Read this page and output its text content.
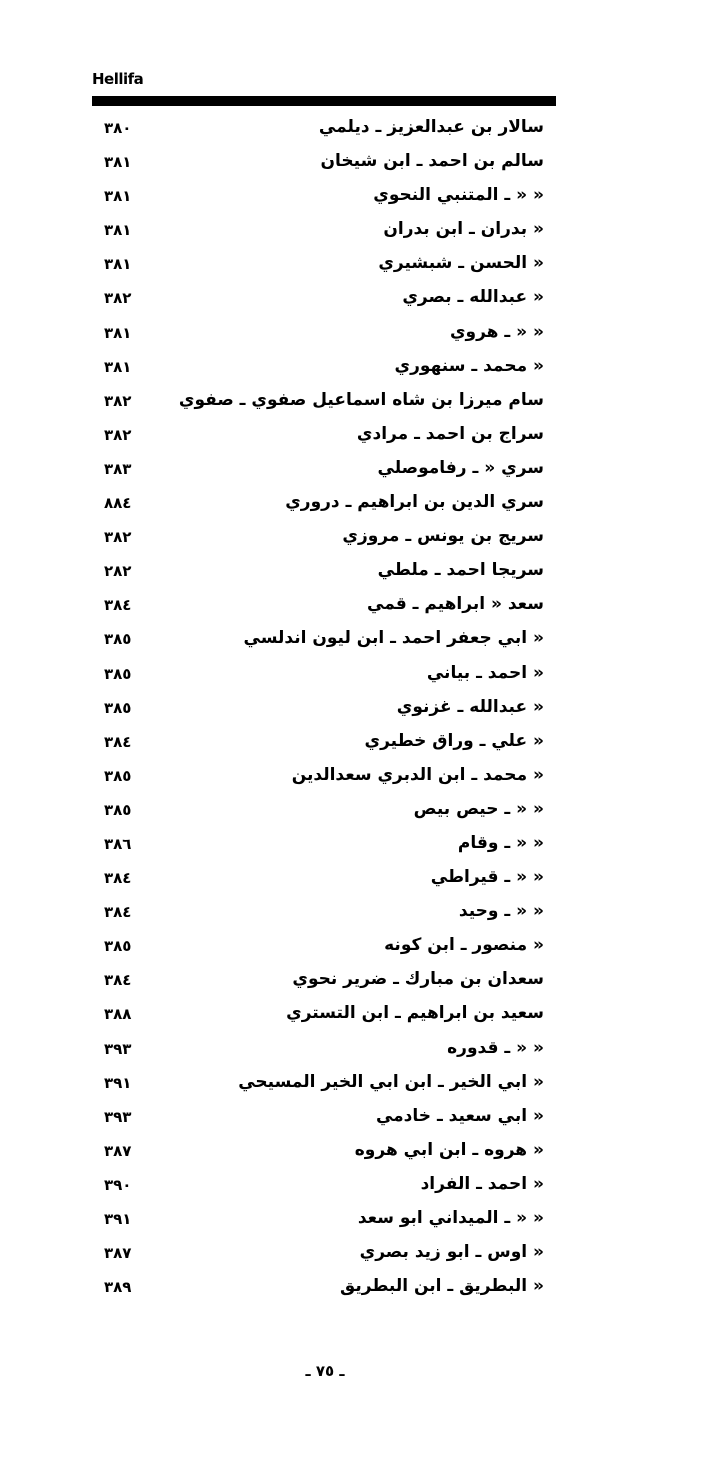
Hellifa
سالار بن عبدالعزيز ـ ديلمي
٣٨٠
سالم بن احمد ـ ابن شيخان
٣٨١
« « ـ المتنبي النحوي
٣٨١
« بدران ـ ابن بدران
٣٨١
« الحسن ـ شبشيري
٣٨١
« عبدالله ـ بصري
٣٨٢
« « ـ هروي
٣٨١
« محمد ـ سنهوري
٣٨١
سام ميرزا بن شاه اسماعيل صفوي ـ صفوي
٣٨٢
سراج بن احمد ـ مرادي
٣٨٢
سري « ـ رفاموصلي
٣٨٣
سري الدين بن ابراهيم ـ دروري
٨٨٤
سريج بن يونس ـ مروزي
٣٨٢
سريجا احمد ـ ملطي
٢٨٢
سعد « ابراهيم ـ قمي
٣٨٤
« ابي جعفر احمد ـ ابن ليون اندلسي
٣٨٥
« احمد ـ بياني
٣٨٥
« عبدالله ـ غزنوي
٣٨٥
« علي ـ وراق خطيري
٣٨٤
« محمد ـ ابن الدبري سعدالدين
٣٨٥
« « ـ حيص بيص
٣٨٥
« « ـ وقام
٣٨٦
« « ـ قيراطي
٣٨٤
« « ـ وحيد
٣٨٤
« منصور ـ ابن كونه
٣٨٥
سعدان بن مبارك ـ ضرير نحوي
٣٨٤
سعيد بن ابراهيم ـ ابن التستري
٣٨٨
« « ـ قدوره
٣٩٣
« ابي الخير ـ ابن ابي الخير المسيحي
٣٩١
« ابي سعيد ـ خادمي
٣٩٣
« هروه ـ ابن ابي هروه
٣٨٧
« احمد ـ الفراد
٣٩٠
« « ـ الميداني ابو سعد
٣٩١
« اوس ـ ابو زيد بصري
٣٨٧
« البطريق ـ ابن البطريق
٣٨٩
ـ ٧٥ ـ
